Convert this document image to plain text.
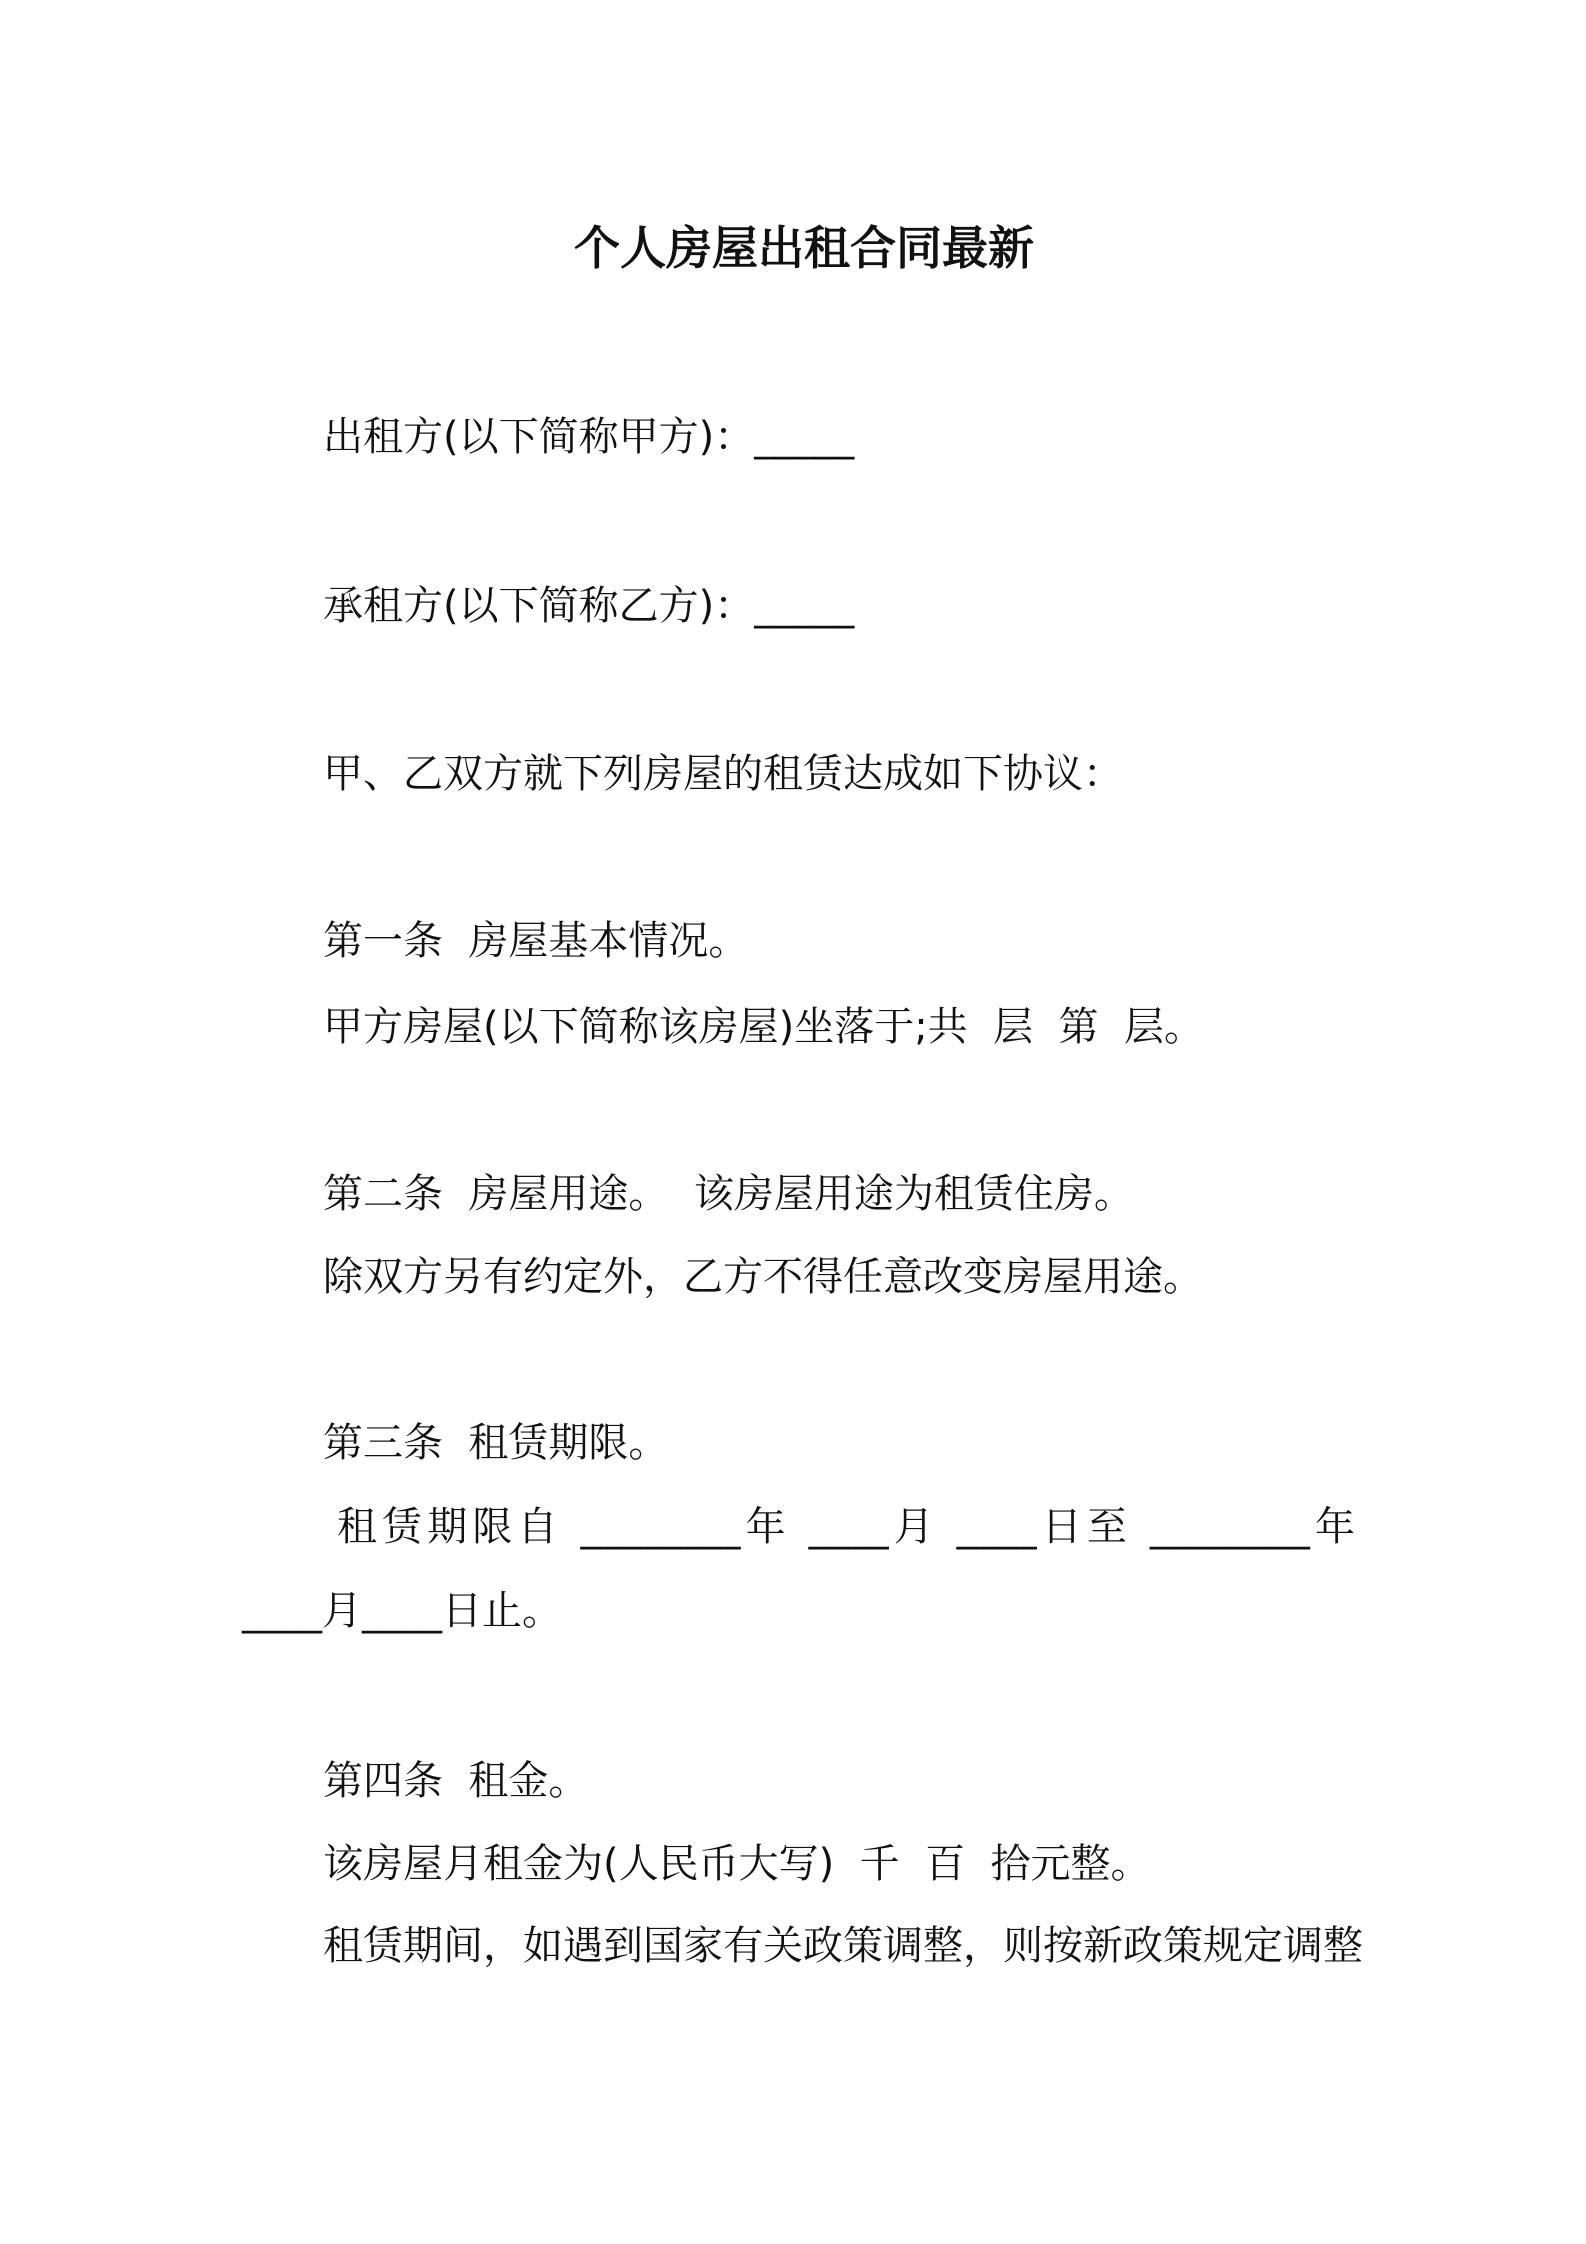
个人房屋出租合同最新
出租方(以下简称甲方)：_____
承租方(以下简称乙方)：_____
甲、乙双方就下列房屋的租赁达成如下协议：
第一条  房屋基本情况。
甲方房屋(以下简称该房屋)坐落于;共  层  第  层。
第二条  房屋用途。  该房屋用途为租赁住房。
除双方另有约定外，乙方不得任意改变房屋用途。
第三条  租赁期限。
租赁期限自 ________年 ____月 ____日至 ________年
____月____日止。
第四条  租金。
该房屋月租金为(人民币大写)  千  百  拾元整。
租赁期间，如遇到国家有关政策调整，则按新政策规定调整
